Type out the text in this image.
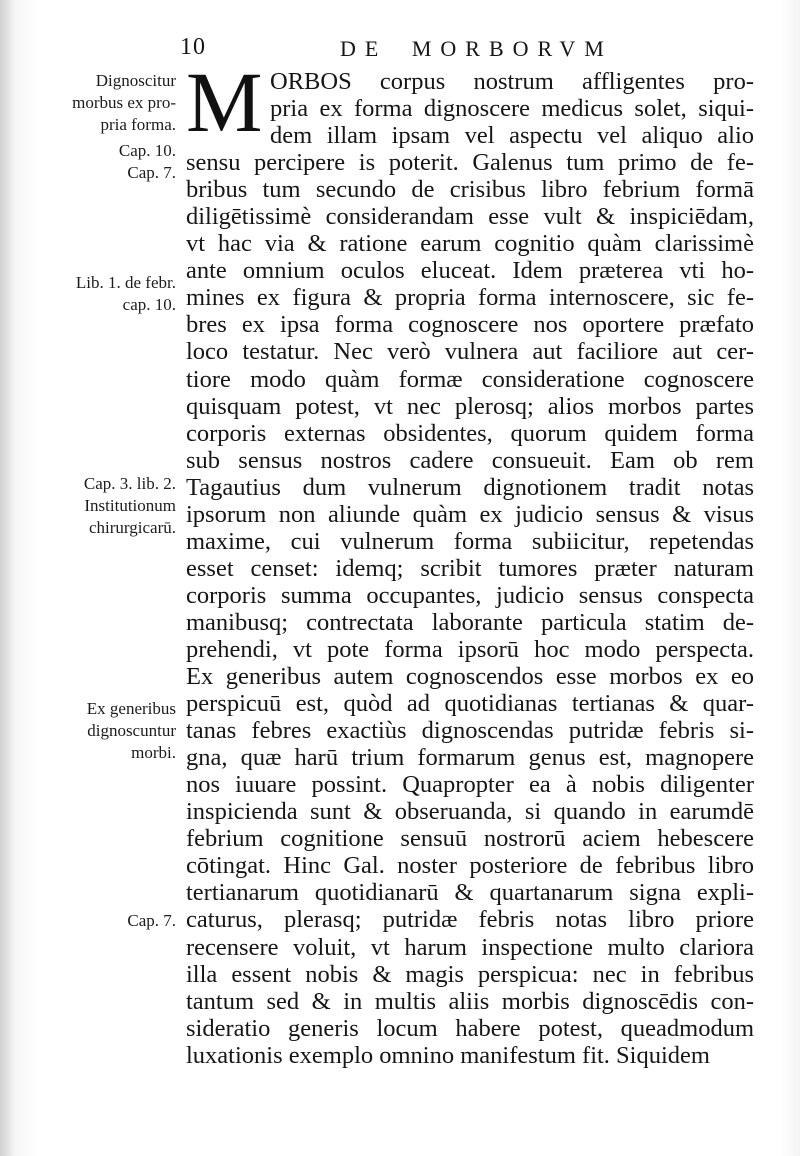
10	DE MORBORVM
M ORBOS corpus nostrum affligentes pro-
pria ex forma dignoscere medicus solet, siqui-
dem illam ipsam vel aspectu vel aliquo alio
sensu percipere is poterit. Galenus tum primo de fe-
bribus tum secundo de crisibus libro febrium formā
diligētissimè considerandam esse vult & inspiciēdam,
vt hac via & ratione earum cognitio quàm clarissimè
ante omnium oculos eluceat. Idem præterea vti ho-
mines ex figura & propria forma internoscere, sic fe-
bres ex ipsa forma cognoscere nos oportere præfato
loco testatur. Nec verò vulnera aut faciliore aut cer-
tiore modo quàm formæ consideratione cognoscere
quisquam potest, vt nec plerosq; alios morbos partes
corporis externas obsidentes, quorum quidem forma
sub sensus nostros cadere consueuit. Eam ob rem
Tagautius dum vulnerum dignotionem tradit notas
ipsorum non aliunde quàm ex judicio sensus & visus
maxime, cui vulnerum forma subiicitur, repetendas
esset censet: idemq; scribit tumores præter naturam
corporis summa occupantes, judicio sensus conspecta
manibusq; contrectata laborante particula statim de-
prehendi, vt pote forma ipsorū hoc modo perspecta.
Ex generibus autem cognoscendos esse morbos ex eo
perspicuū est, quòd ad quotidianas tertianas & quar-
tanas febres exactiùs dignoscendas putridæ febris si-
gna, quæ harū trium formarum genus est, magnopere
nos iuuare possint. Quapropter ea à nobis diligenter
inspicienda sunt & obseruanda, si quando in earumdē
febrium cognitione sensuū nostrorū aciem hebescere
cōtingat. Hinc Gal. noster posteriore de febribus libro
tertianarum quotidianarū & quartanarum signa expli-
caturus, plerasq; putridæ febris notas libro priore
recensere voluit, vt harum inspectione multo clariora
illa essent nobis & magis perspicua: nec in febribus
tantum sed & in multis aliis morbis dignoscēdis con-
sideratio generis locum habere potest, queadmodum
luxationis exemplo omnino manifestum fit. Siquidem
Dignoscitur
morbus ex pro-
pria forma.
Cap. 10.
Cap. 7.
Lib. 1. de febr.
cap. 10.
Cap. 3. lib. 2.
Institutionum
chirurgicarū.
Ex generibus
dignoscuntur
morbi.
Cap. 7.
